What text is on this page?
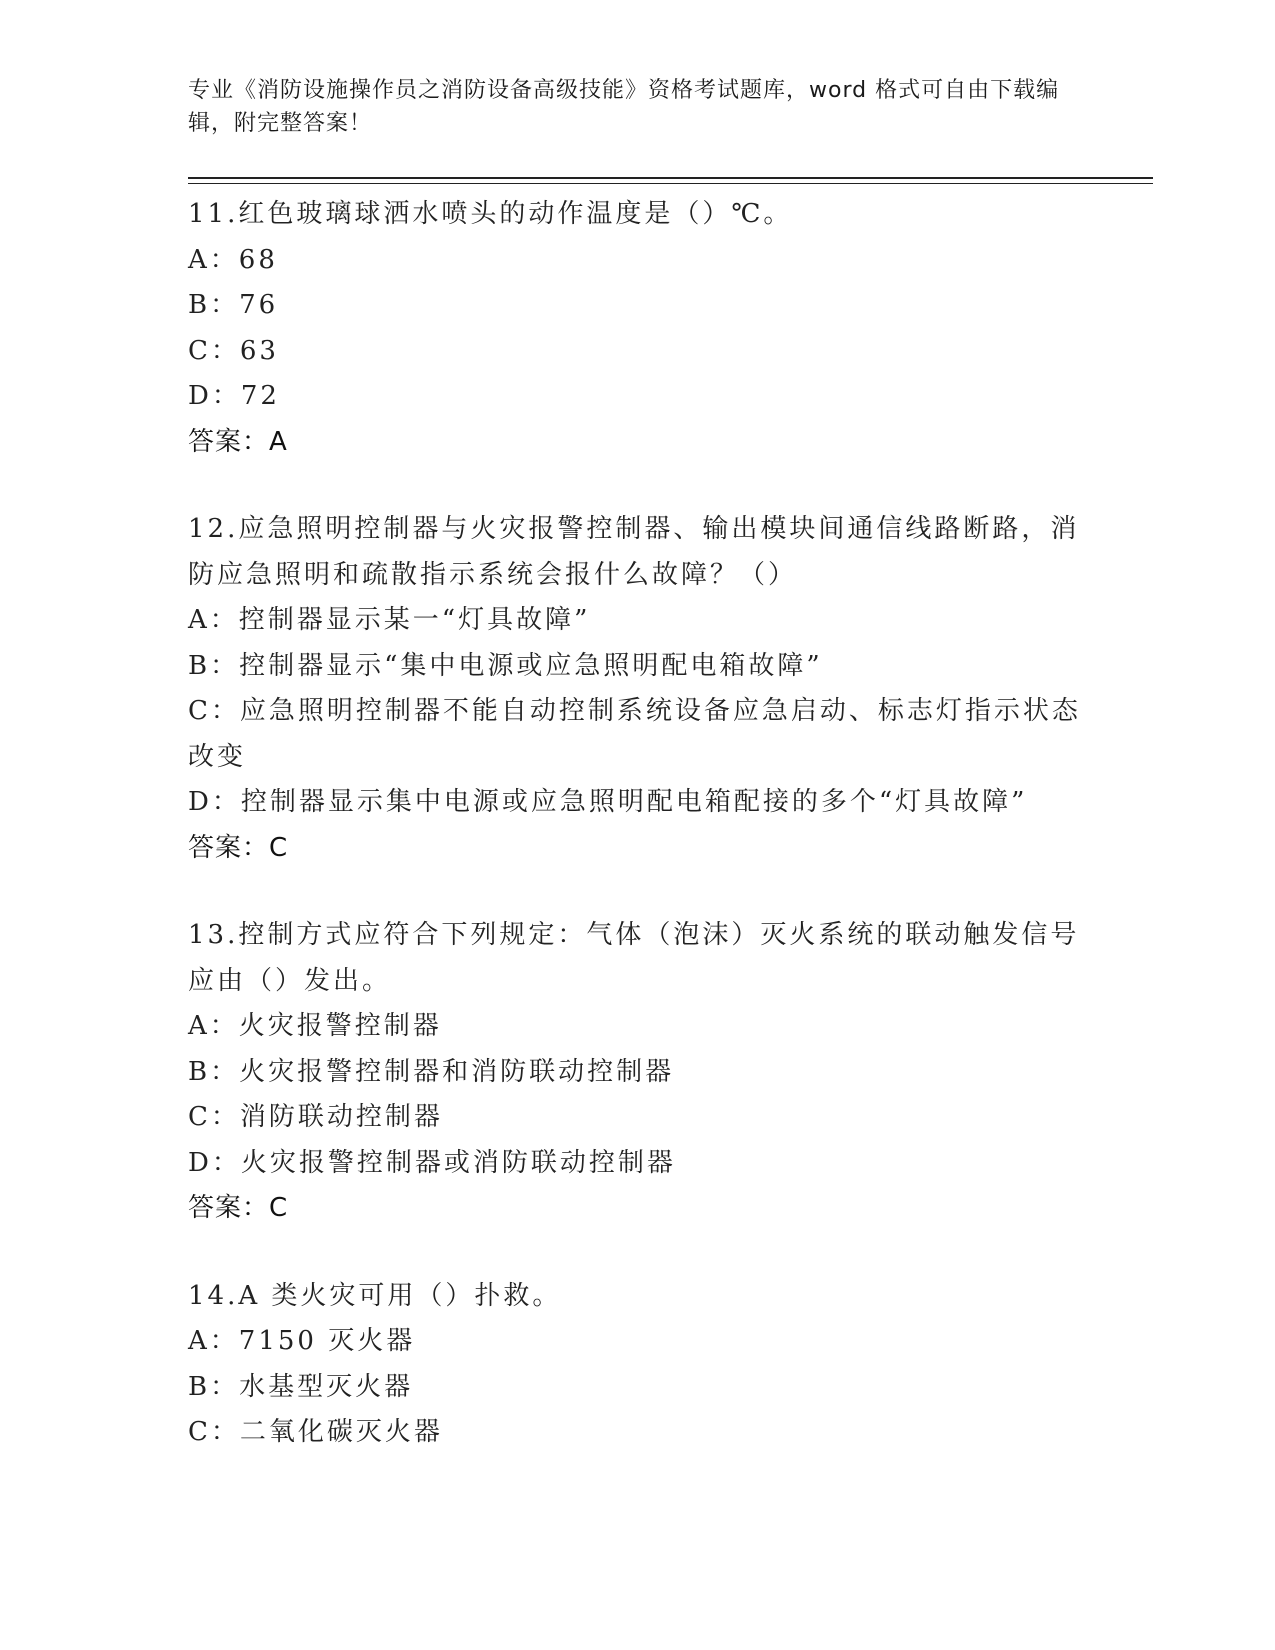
专业《消防设施操作员之消防设备高级技能》资格考试题库，word 格式可自由下载编辑，附完整答案！
11.红色玻璃球洒水喷头的动作温度是（）℃。
A：68
B：76
C：63
D：72
答案：A
12.应急照明控制器与火灾报警控制器、输出模块间通信线路断路，消
防应急照明和疏散指示系统会报什么故障？（）
A：控制器显示某一“灯具故障”
B：控制器显示“集中电源或应急照明配电箱故障”
C：应急照明控制器不能自动控制系统设备应急启动、标志灯指示状态
改变
D：控制器显示集中电源或应急照明配电箱配接的多个“灯具故障”
答案：C
13.控制方式应符合下列规定：气体（泡沫）灭火系统的联动触发信号
应由（）发出。
A：火灾报警控制器
B：火灾报警控制器和消防联动控制器
C：消防联动控制器
D：火灾报警控制器或消防联动控制器
答案：C
14.A 类火灾可用（）扑救。
A：7150 灭火器
B：水基型灭火器
C：二氧化碳灭火器
